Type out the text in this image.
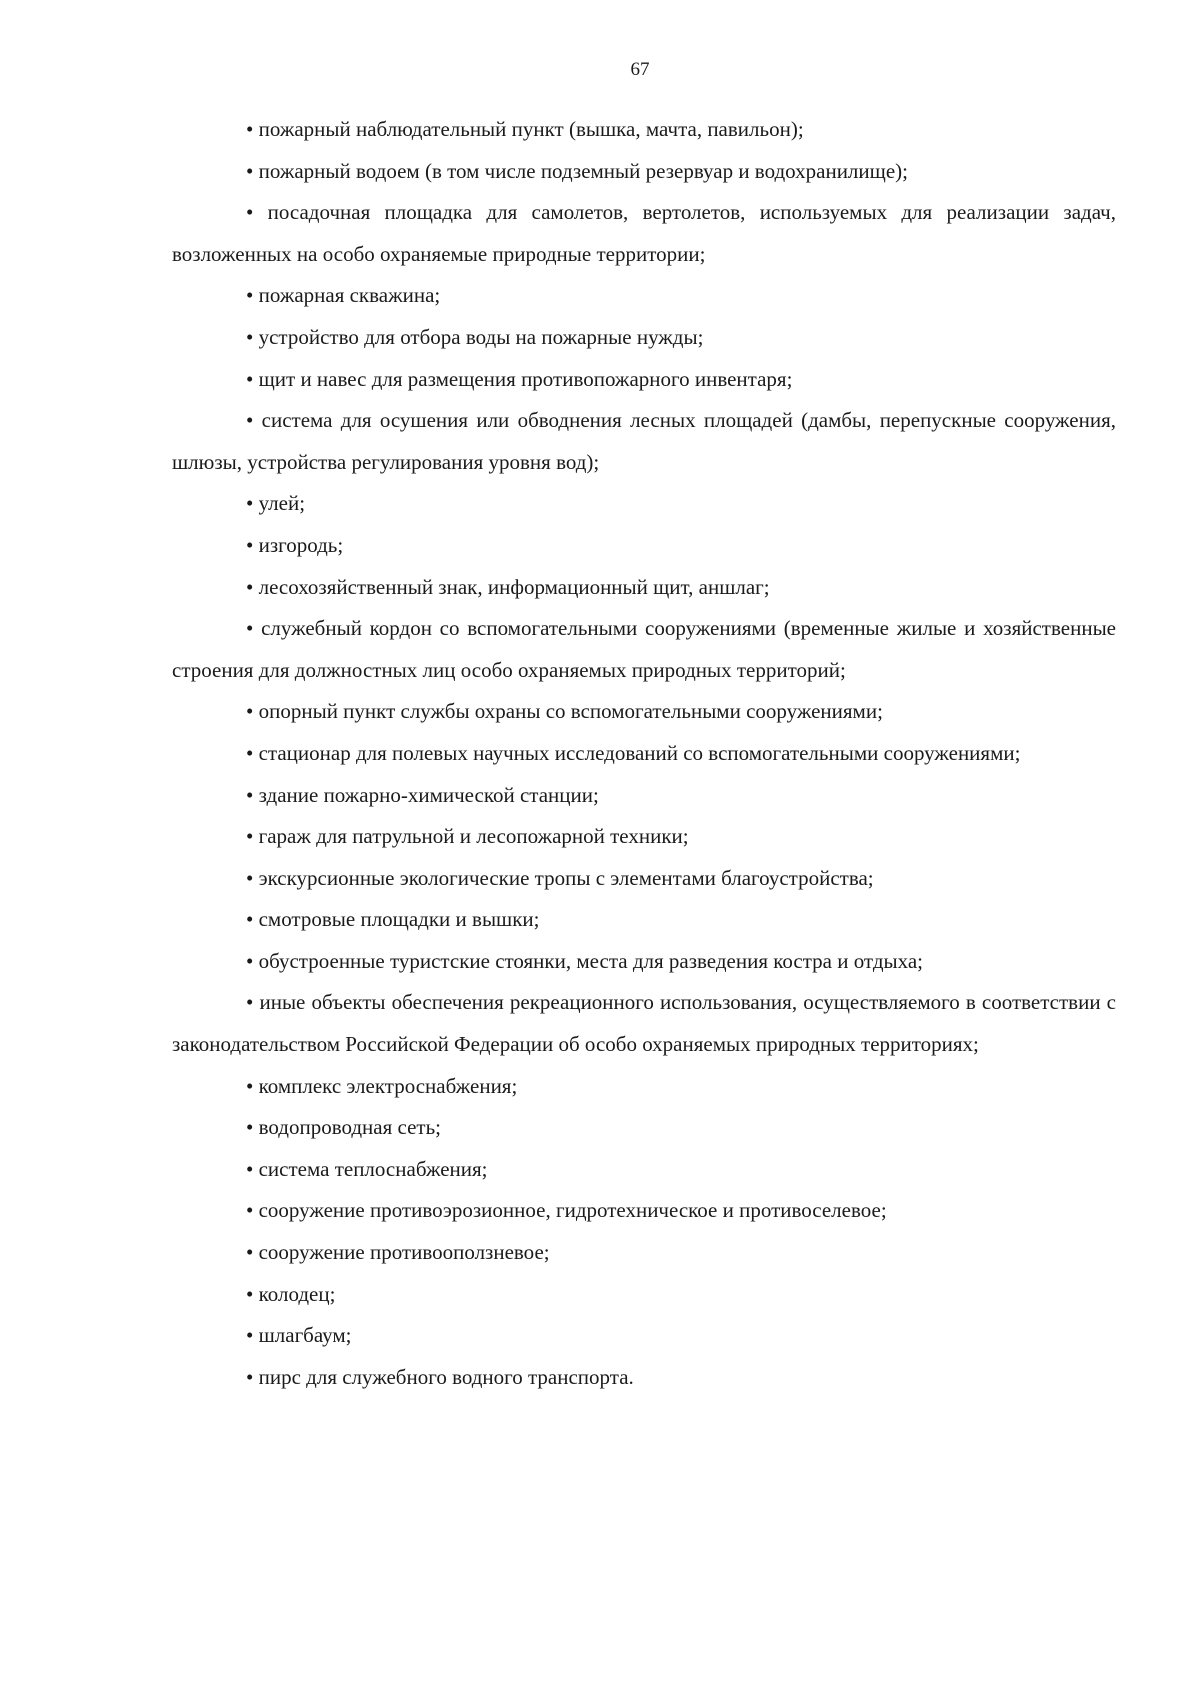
67

• пожарный наблюдательный пункт (вышка, мачта, павильон);

• пожарный водоем (в том числе подземный резервуар и водохранилище);

• посадочная площадка для самолетов, вертолетов, используемых для реализации задач, возложенных на особо охраняемые природные территории;

• пожарная скважина;

• устройство для отбора воды на пожарные нужды;

• щит и навес для размещения противопожарного инвентаря;

• система для осушения или обводнения лесных площадей (дамбы, перепускные сооружения, шлюзы, устройства регулирования уровня вод);

• улей;

• изгородь;

• лесохозяйственный знак, информационный щит, аншлаг;

• служебный кордон со вспомогательными сооружениями (временные жилые и хозяйственные строения для должностных лиц особо охраняемых природных территорий;

• опорный пункт службы охраны со вспомогательными сооружениями;

• стационар для полевых научных исследований со вспомогательными сооружениями;

• здание пожарно-химической станции;

• гараж для патрульной и лесопожарной техники;

• экскурсионные экологические тропы с элементами благоустройства;

• смотровые площадки и вышки;

• обустроенные туристские стоянки, места для разведения костра и отдыха;

• иные объекты обеспечения рекреационного использования, осуществляемого в соответствии с законодательством Российской Федерации об особо охраняемых природных территориях;

• комплекс электроснабжения;

• водопроводная сеть;

• система теплоснабжения;

• сооружение противоэрозионное, гидротехническое и противоселевое;

• сооружение противооползневое;

• колодец;

• шлагбаум;

• пирс для служебного водного транспорта.
